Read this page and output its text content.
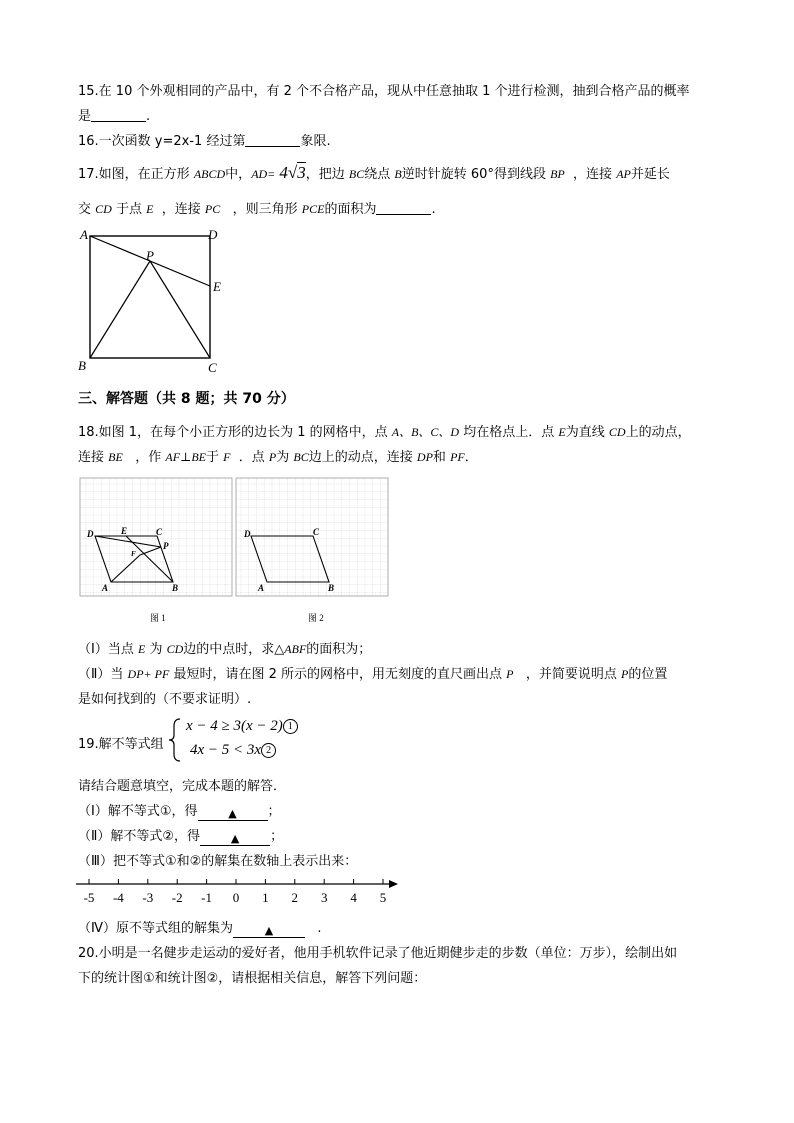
15.在 10 个外观相同的产品中，有 2 个不合格产品，现从中任意抽取 1 个进行检测，抽到合格产品的概率
是	.
16.一次函数 y=2x-1 经过第	象限.
17.如图，在正方形 ABCD中，AD= 4√3，把边 BC绕点 B逆时针旋转 60°得到线段 BP ，连接 AP并延长
交 CD 于点 E ，连接 PC ，则三角形 PCE的面积为	.
A	D
P
E
B	C
三、解答题（共 8 题；共 70 分）
18.如图 1，在每个小正方形的边长为 1 的网格中，点 A、B、C、D 均在格点上．点 E为直线 CD上的动点，
连接 BE ，作 AF⊥BE于 F ．点 P为 BC边上的动点，连接 DP和 PF．
D	E	C
P
F
A	B
D	C
A	B
图 1	图 2
（Ⅰ）当点 E 为 CD边的中点时，求△ABF的面积为；
（Ⅱ）当 DP+ PF 最短时，请在图 2 所示的网格中，用无刻度的直尺画出点 P ，并简要说明点 P的位置
是如何找到的（不要求证明）.
19.解不等式组
x − 4 ≥ 3(x − 2) 1
4x − 5 < 3x 2
请结合题意填空，完成本题的解答．
（Ⅰ）解不等式①，得	▲ ；
（Ⅱ）解不等式②，得	▲ ；
（Ⅲ）把不等式①和②的解集在数轴上表示出来：
-5 -4 -3 -2 -1 0 1 2 3 4 5
（Ⅳ）原不等式组的解集为	▲	.
20.小明是一名健步走运动的爱好者，他用手机软件记录了他近期健步走的步数（单位：万步），绘制出如
下的统计图①和统计图②，请根据相关信息，解答下列问题：
